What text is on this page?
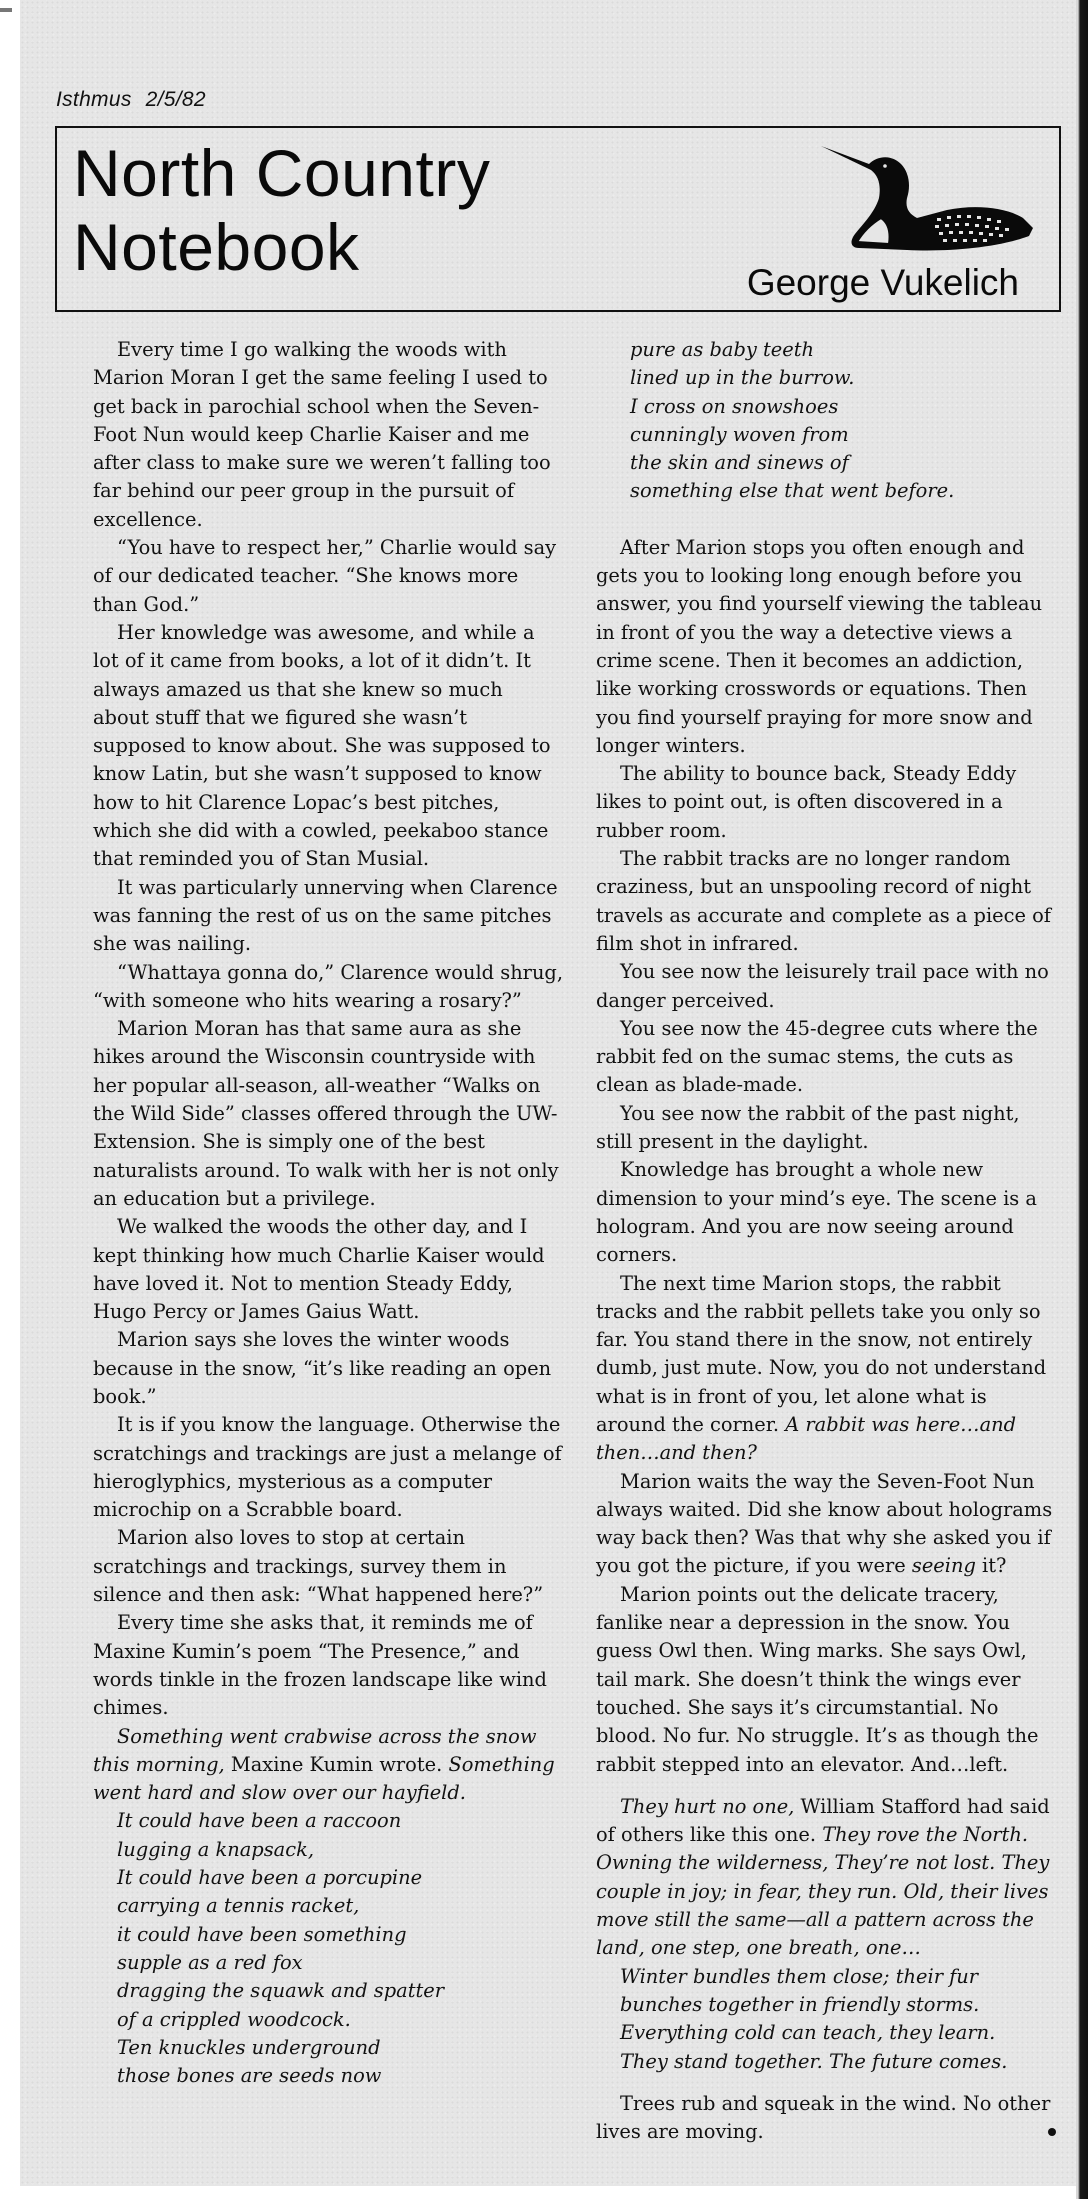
Isthmus 2/5/82
North Country
Notebook	George Vukelich

Every time I go walking the woods with Marion Moran I get the same feeling I used to get back in parochial school when the Seven-Foot Nun would keep Charlie Kaiser and me after class to make sure we weren’t falling too far behind our peer group in the pursuit of excellence.

“You have to respect her,” Charlie would say of our dedicated teacher. “She knows more than God.”

Her knowledge was awesome, and while a lot of it came from books, a lot of it didn’t. It always amazed us that she knew so much about stuff that we figured she wasn’t supposed to know about. She was supposed to know Latin, but she wasn’t supposed to know how to hit Clarence Lopac’s best pitches, which she did with a cowled, peekaboo stance that reminded you of Stan Musial.

It was particularly unnerving when Clarence was fanning the rest of us on the same pitches she was nailing.

“Whattaya gonna do,” Clarence would shrug, “with someone who hits wearing a rosary?”

Marion Moran has that same aura as she hikes around the Wisconsin countryside with her popular all-season, all-weather “Walks on the Wild Side” classes offered through the UW-Extension. She is simply one of the best naturalists around. To walk with her is not only an education but a privilege.

We walked the woods the other day, and I kept thinking how much Charlie Kaiser would have loved it. Not to mention Steady Eddy, Hugo Percy or James Gaius Watt.

Marion says she loves the winter woods because in the snow, “it’s like reading an open book.”

It is if you know the language. Otherwise the scratchings and trackings are just a melange of hieroglyphics, mysterious as a computer microchip on a Scrabble board.

Marion also loves to stop at certain scratchings and trackings, survey them in silence and then ask: “What happened here?”

Every time she asks that, it reminds me of Maxine Kumin’s poem “The Presence,” and words tinkle in the frozen landscape like wind chimes.

Something went crabwise across the snow this morning, Maxine Kumin wrote. Something went hard and slow over our hayfield.

It could have been a raccoon
lugging a knapsack,
It could have been a porcupine
carrying a tennis racket,
it could have been something
supple as a red fox
dragging the squawk and spatter
of a crippled woodcock.
Ten knuckles underground
those bones are seeds now
pure as baby teeth
lined up in the burrow.
I cross on snowshoes
cunningly woven from
the skin and sinews of
something else that went before.

After Marion stops you often enough and gets you to looking long enough before you answer, you find yourself viewing the tableau in front of you the way a detective views a crime scene. Then it becomes an addiction, like working crosswords or equations. Then you find yourself praying for more snow and longer winters.

The ability to bounce back, Steady Eddy likes to point out, is often discovered in a rubber room.

The rabbit tracks are no longer random craziness, but an unspooling record of night travels as accurate and complete as a piece of film shot in infrared.

You see now the leisurely trail pace with no danger perceived.

You see now the 45-degree cuts where the rabbit fed on the sumac stems, the cuts as clean as blade-made.

You see now the rabbit of the past night, still present in the daylight.

Knowledge has brought a whole new dimension to your mind’s eye. The scene is a hologram. And you are now seeing around corners.

The next time Marion stops, the rabbit tracks and the rabbit pellets take you only so far. You stand there in the snow, not entirely dumb, just mute. Now, you do not understand what is in front of you, let alone what is around the corner. A rabbit was here…and then…and then?

Marion waits the way the Seven-Foot Nun always waited. Did she know about holograms way back then? Was that why she asked you if you got the picture, if you were seeing it?

Marion points out the delicate tracery, fanlike near a depression in the snow. You guess Owl then. Wing marks. She says Owl, tail mark. She doesn’t think the wings ever touched. She says it’s circumstantial. No blood. No fur. No struggle. It’s as though the rabbit stepped into an elevator. And…left.

They hurt no one, William Stafford had said of others like this one. They rove the North. Owning the wilderness, They’re not lost. They couple in joy; in fear, they run. Old, their lives move still the same—all a pattern across the land, one step, one breath, one…

Winter bundles them close; their fur
bunches together in friendly storms.
Everything cold can teach, they learn.
They stand together. The future comes.

Trees rub and squeak in the wind. No other lives are moving.
